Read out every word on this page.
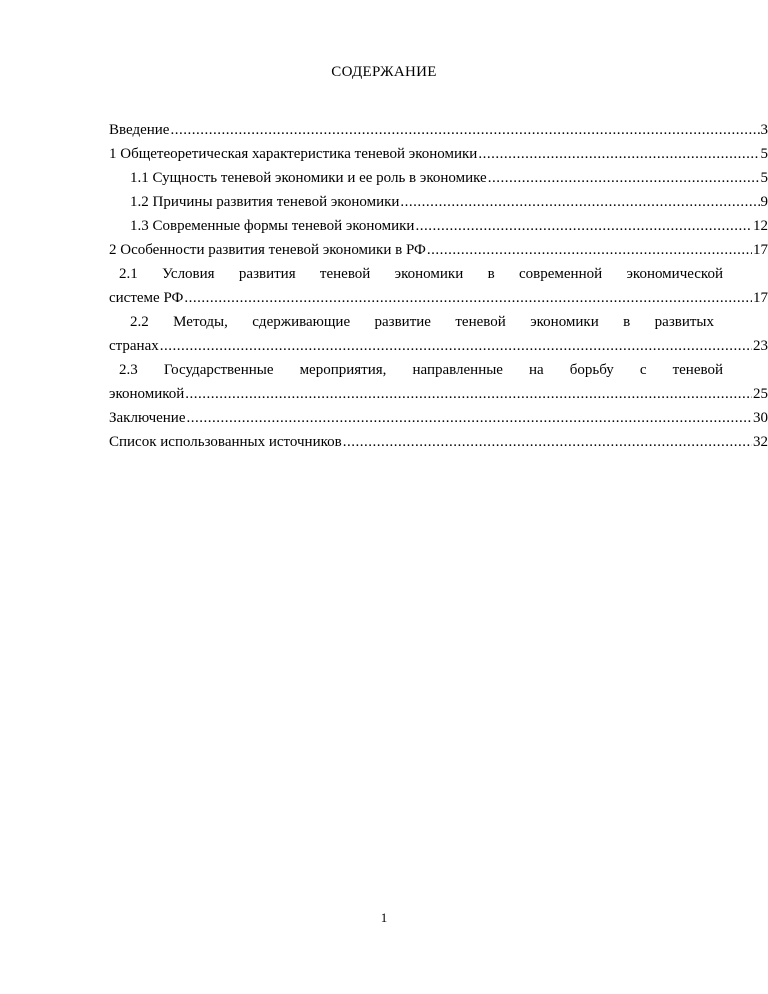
СОДЕРЖАНИЕ
Введение .....	3
1 Общетеоретическая характеристика теневой экономики .....	5
1.1 Сущность теневой экономики и ее роль в экономике .....	5
1.2 Причины развития теневой экономики .....	9
1.3 Современные формы теневой экономики .....	12
2 Особенности развития теневой экономики в РФ .....	17
2.1 Условия развития теневой экономики в современной экономической
системе РФ .....	17
2.2 Методы, сдерживающие развитие теневой экономики в развитых
странах .....	23
2.3 Государственные мероприятия, направленные на борьбу с теневой
экономикой .....	25
Заключение .....	30
Список использованных источников .....	32
1
